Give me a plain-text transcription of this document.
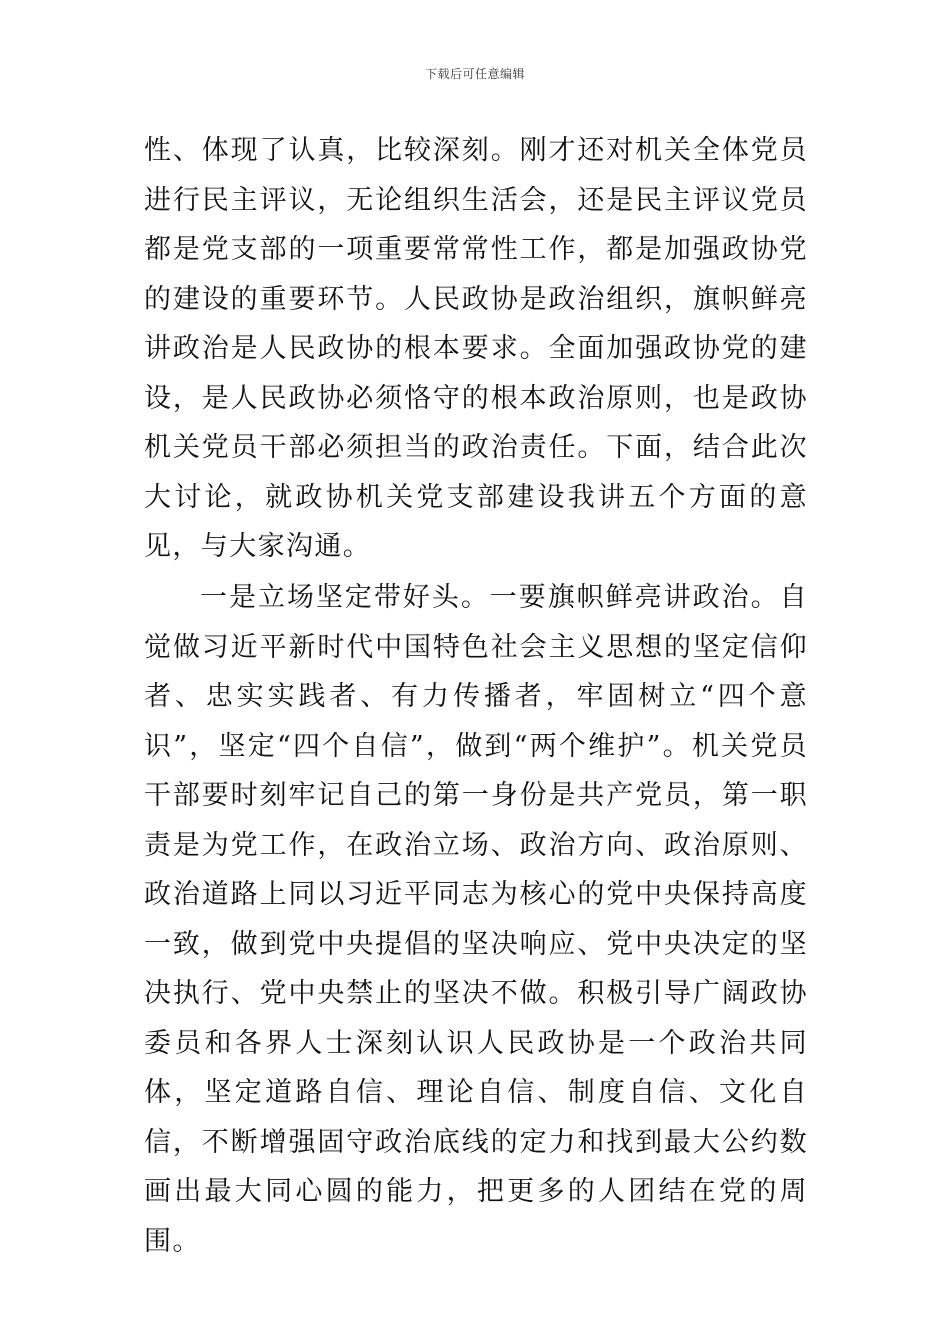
下载后可任意编辑

性、体现了认真，比较深刻。刚才还对机关全体党员进行民主评议，无论组织生活会，还是民主评议党员都是党支部的一项重要常常性工作，都是加强政协党的建设的重要环节。人民政协是政治组织，旗帜鲜亮讲政治是人民政协的根本要求。全面加强政协党的建设，是人民政协必须恪守的根本政治原则，也是政协机关党员干部必须担当的政治责任。下面，结合此次大讨论，就政协机关党支部建设我讲五个方面的意见，与大家沟通。

一是立场坚定带好头。一要旗帜鲜亮讲政治。自觉做习近平新时代中国特色社会主义思想的坚定信仰者、忠实实践者、有力传播者，牢固树立“四个意识”，坚定“四个自信”，做到“两个维护”。机关党员干部要时刻牢记自己的第一身份是共产党员，第一职责是为党工作，在政治立场、政治方向、政治原则、政治道路上同以习近平同志为核心的党中央保持高度一致，做到党中央提倡的坚决响应、党中央决定的坚决执行、党中央禁止的坚决不做。积极引导广阔政协委员和各界人士深刻认识人民政协是一个政治共同体，坚定道路自信、理论自信、制度自信、文化自信，不断增强固守政治底线的定力和找到最大公约数画出最大同心圆的能力，把更多的人团结在党的周围。
